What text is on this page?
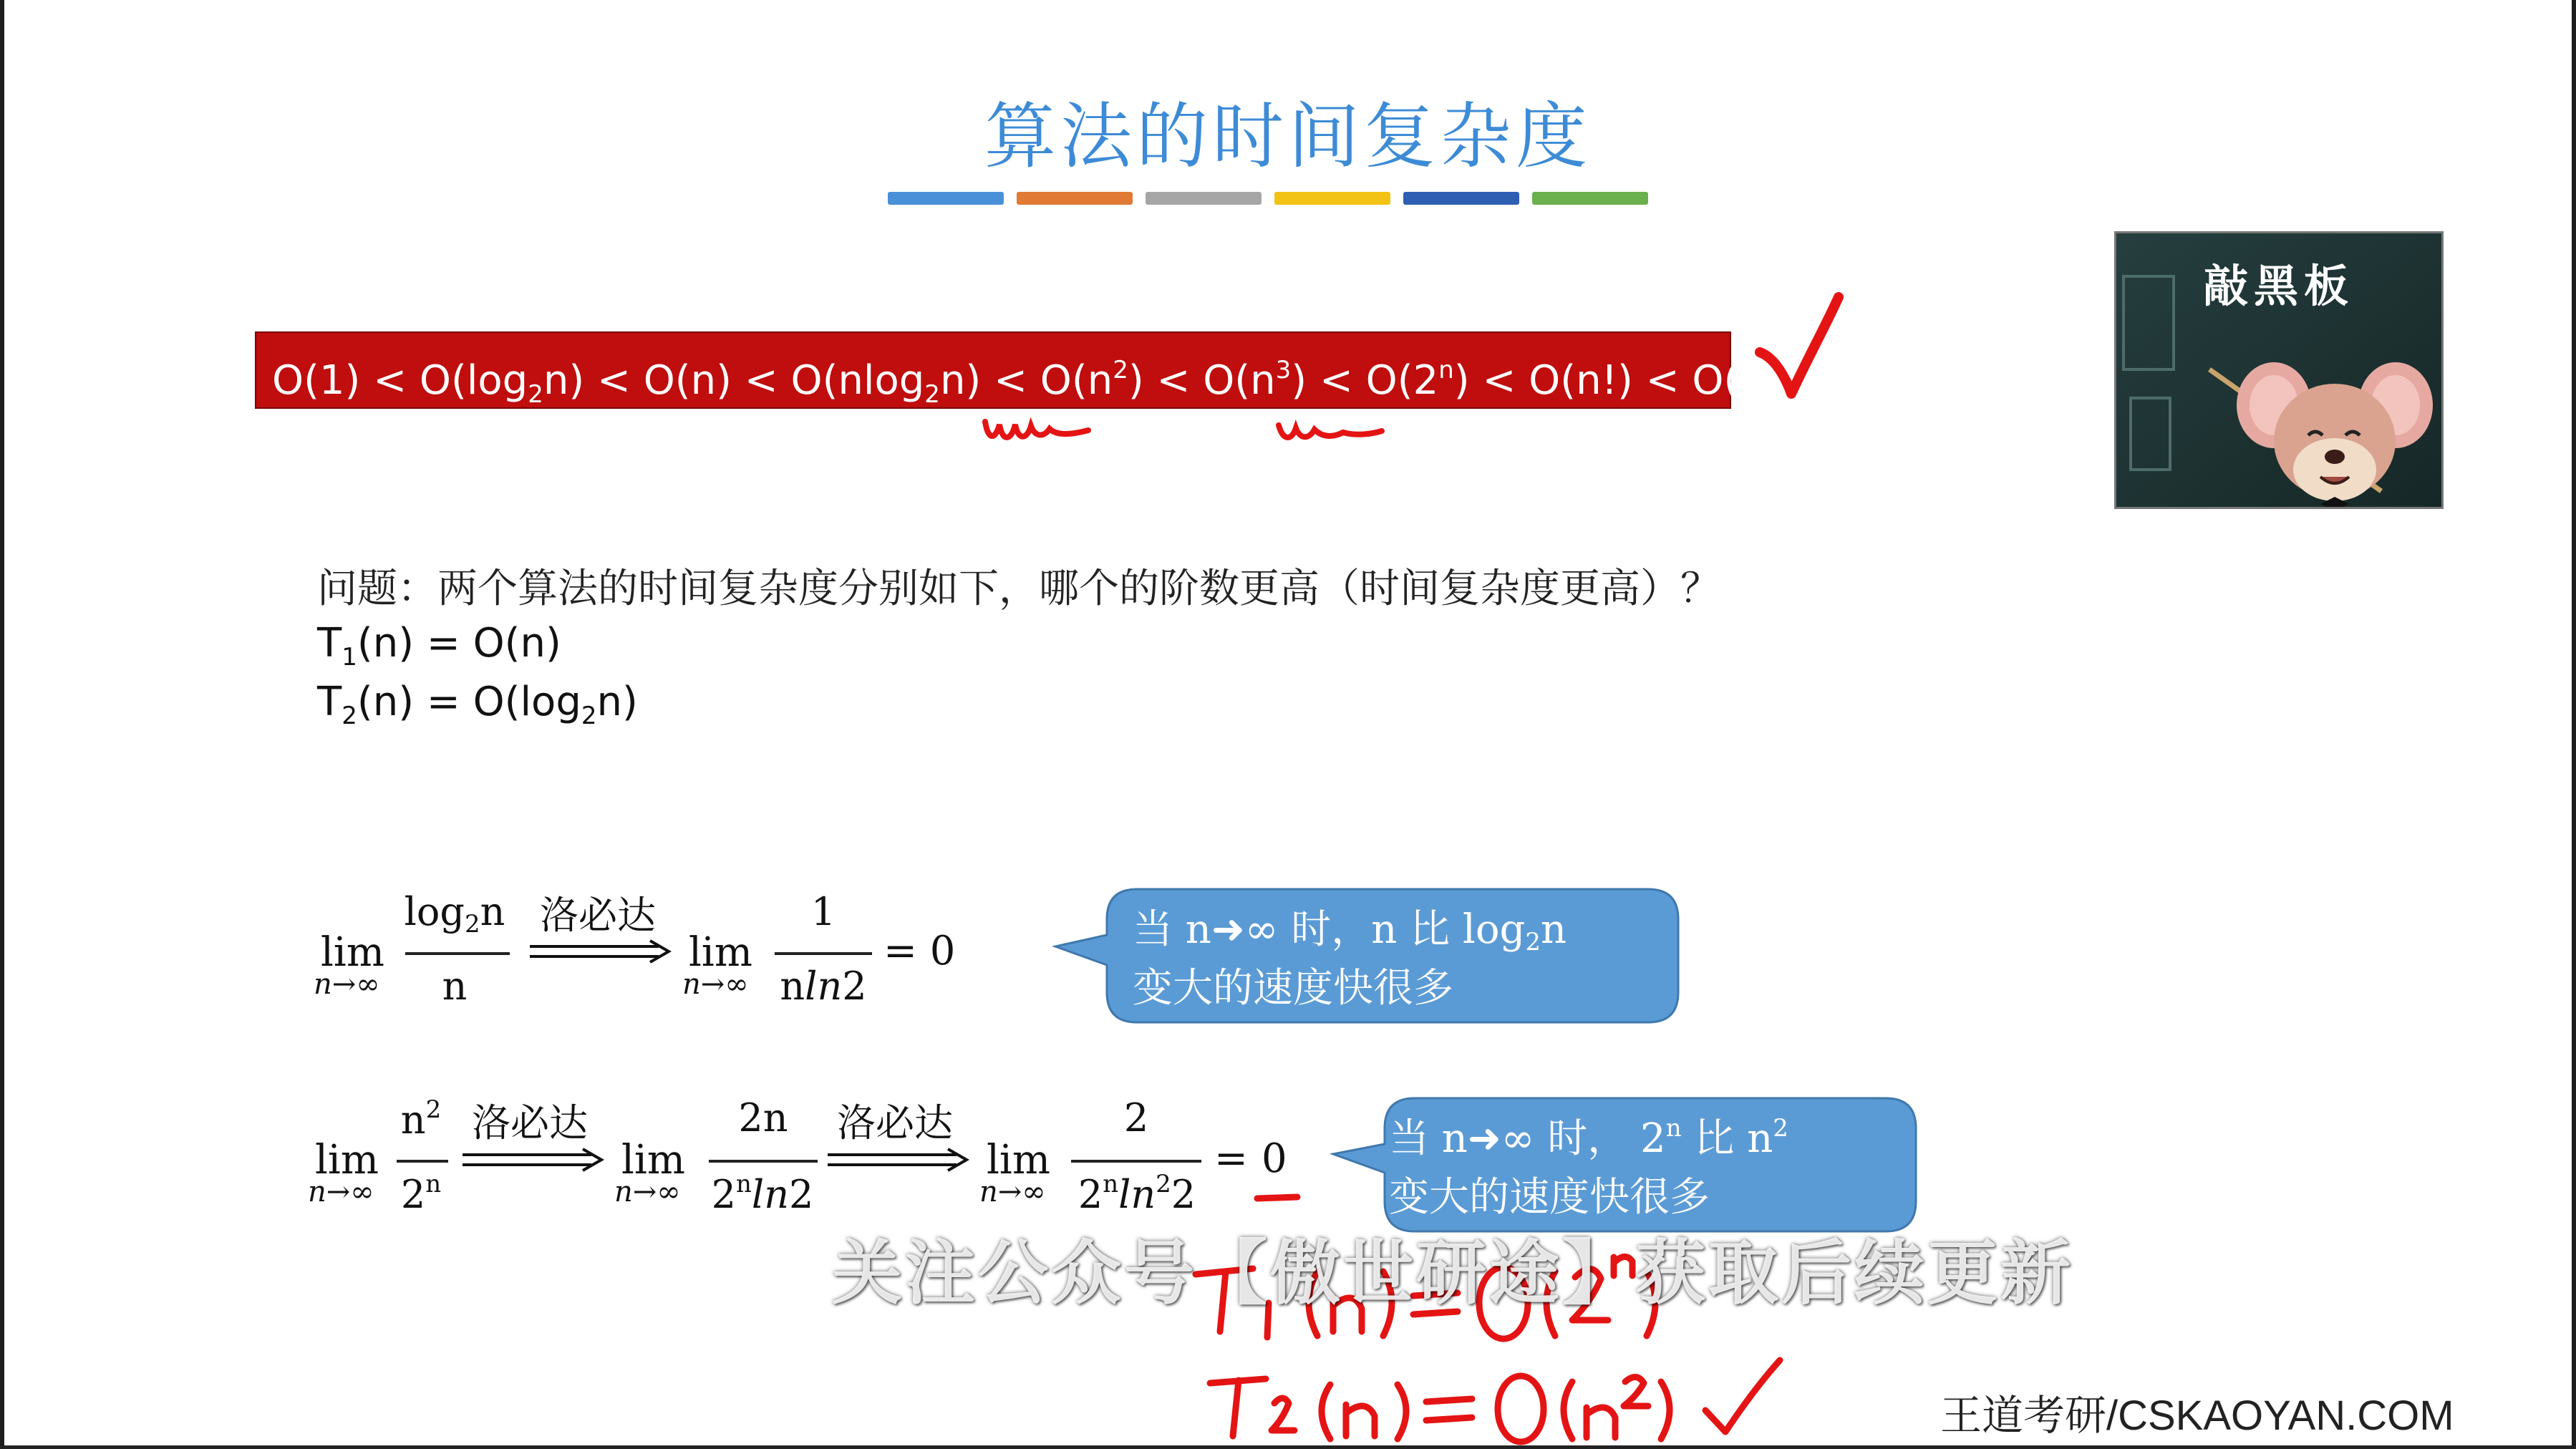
算法的时间复杂度
$O(1) < O(\log_2n) < O(n) < O(nlog_2n) < O(n^2) < O(n^3) < O(2^n) < O(n!) < O(n^n)$
敲黑板
问题：两个算法的时间复杂度分别如下，哪个的阶数更高（时间复杂度更高）？
$T_1(n) = O(n)$
$T_2(n) = O(\log_2n)$
lim
n→∞
log2n
n
洛必达
lim
n→∞
1
nln2
= 0	当 n➜∞ 时，n 比 log2n
变大的速度快很多
lim
n→∞
$n^2$
2$^n$
洛必达
lim
n→∞
2n
2$^n$ln2
洛必达
lim
n→∞
2
$2^n\ln^22$
= 0	当 n➜∞ 时， 2$^n$ 比 $n^2$
变大的速度快很多
关注公众号【傲世研途】获取后续更新
王道考研/CSKAOYAN.COM
